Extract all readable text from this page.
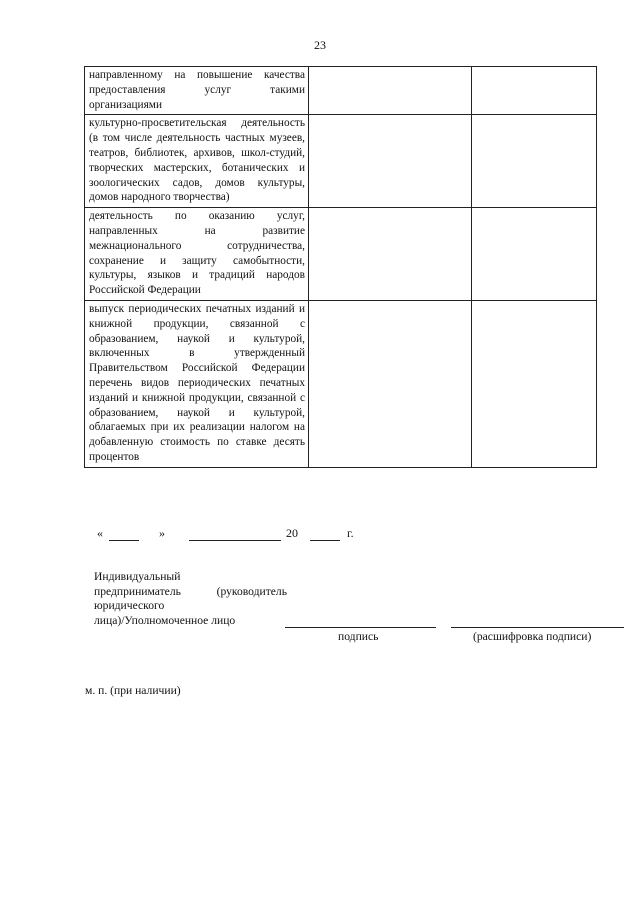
23
направленному на повышение качества предоставления услуг такими организациями		

культурно-просветительская деятельность (в том числе деятельность частных музеев, театров, библиотек, архивов, школ-студий, творческих мастерских, ботанических и зоологических садов, домов культуры, домов народного творчества)		

деятельность по оказанию услуг, направленных на развитие межнационального сотрудничества, сохранение и защиту самобытности, культуры, языков и традиций народов Российской Федерации		

выпуск периодических печатных изданий и книжной продукции, связанной с образованием, наукой и культурой, включенных в утвержденный Правительством Российской Федерации перечень видов периодических печатных изданий и книжной продукции, связанной с образованием, наукой и культурой, облагаемых при их реализации налогом на добавленную стоимость по ставке десять процентов		

«	»	20	г.
Индивидуальный
предприниматель (руководитель
юридического
лица)/Уполномоченное лицо
подпись	(расшифровка подписи)
м. п. (при наличии)
